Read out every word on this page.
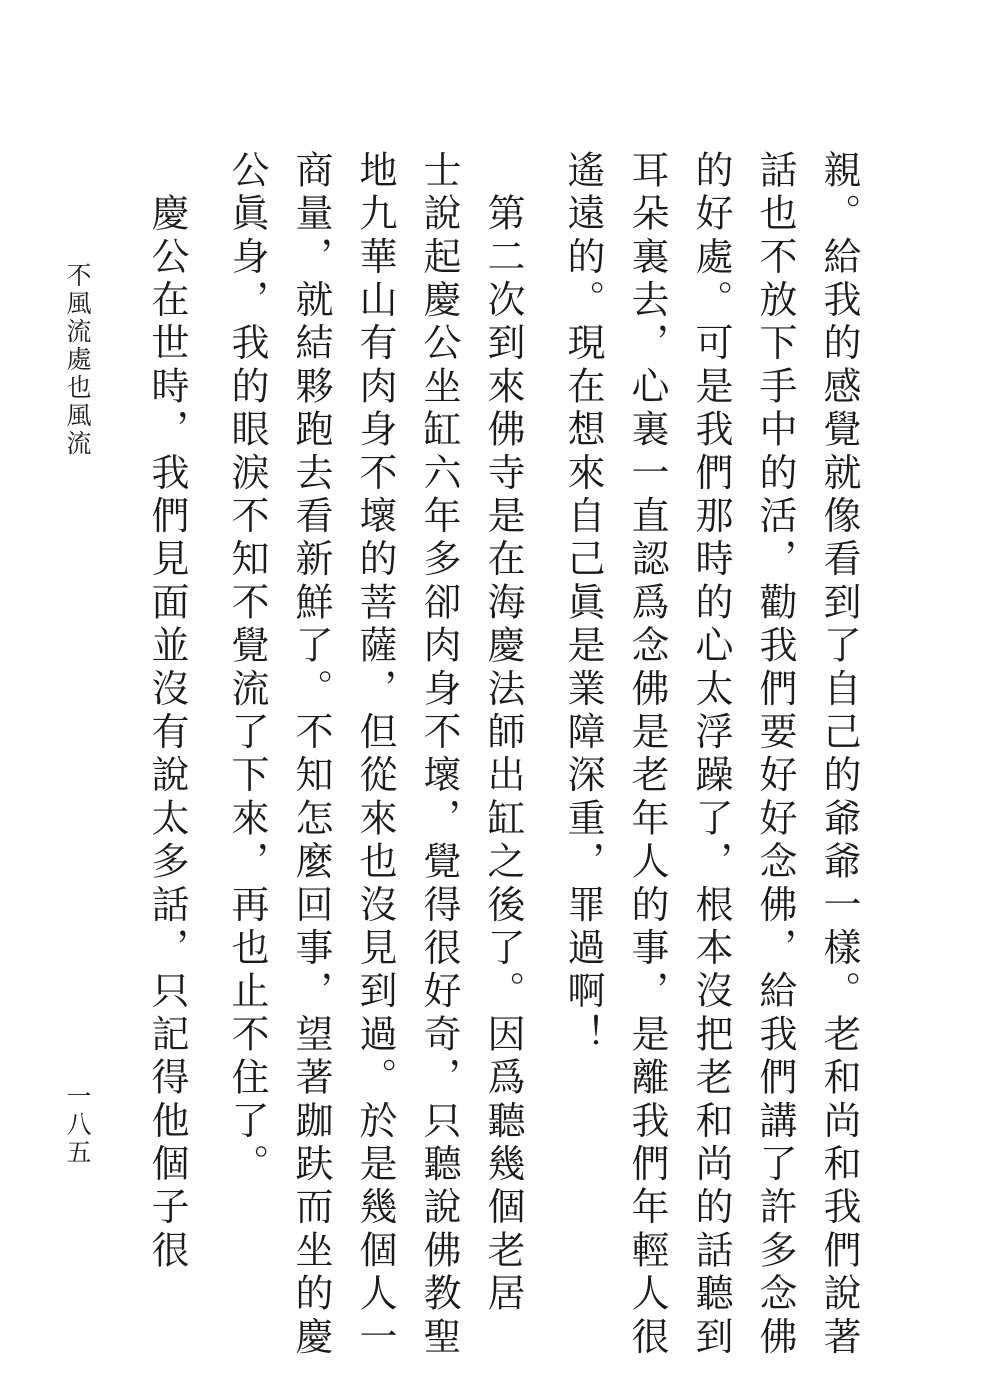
親。給我的感覺就像看到了自己的爺爺一樣。老和尚和我們說著

話也不放下手中的活，勸我們要好好念佛，給我們講了許多念佛

的好處。可是我們那時的心太浮躁了，根本沒把老和尚的話聽到

耳朵裏去，心裏一直認爲念佛是老年人的事，是離我們年輕人很

遙遠的。現在想來自己眞是業障深重，罪過啊！

　第二次到來佛寺是在海慶法師出缸之後了。因爲聽幾個老居

士說起慶公坐缸六年多卻肉身不壞，覺得很好奇，只聽說佛教聖

地九華山有肉身不壞的菩薩，但從來也沒見到過。於是幾個人一

商量，就結夥跑去看新鮮了。不知怎麼回事，望著跏趺而坐的慶

公眞身，我的眼淚不知不覺流了下來，再也止不住了。

　慶公在世時，我們見面並沒有說太多話，只記得他個子很

不風流處也風流
一八五
